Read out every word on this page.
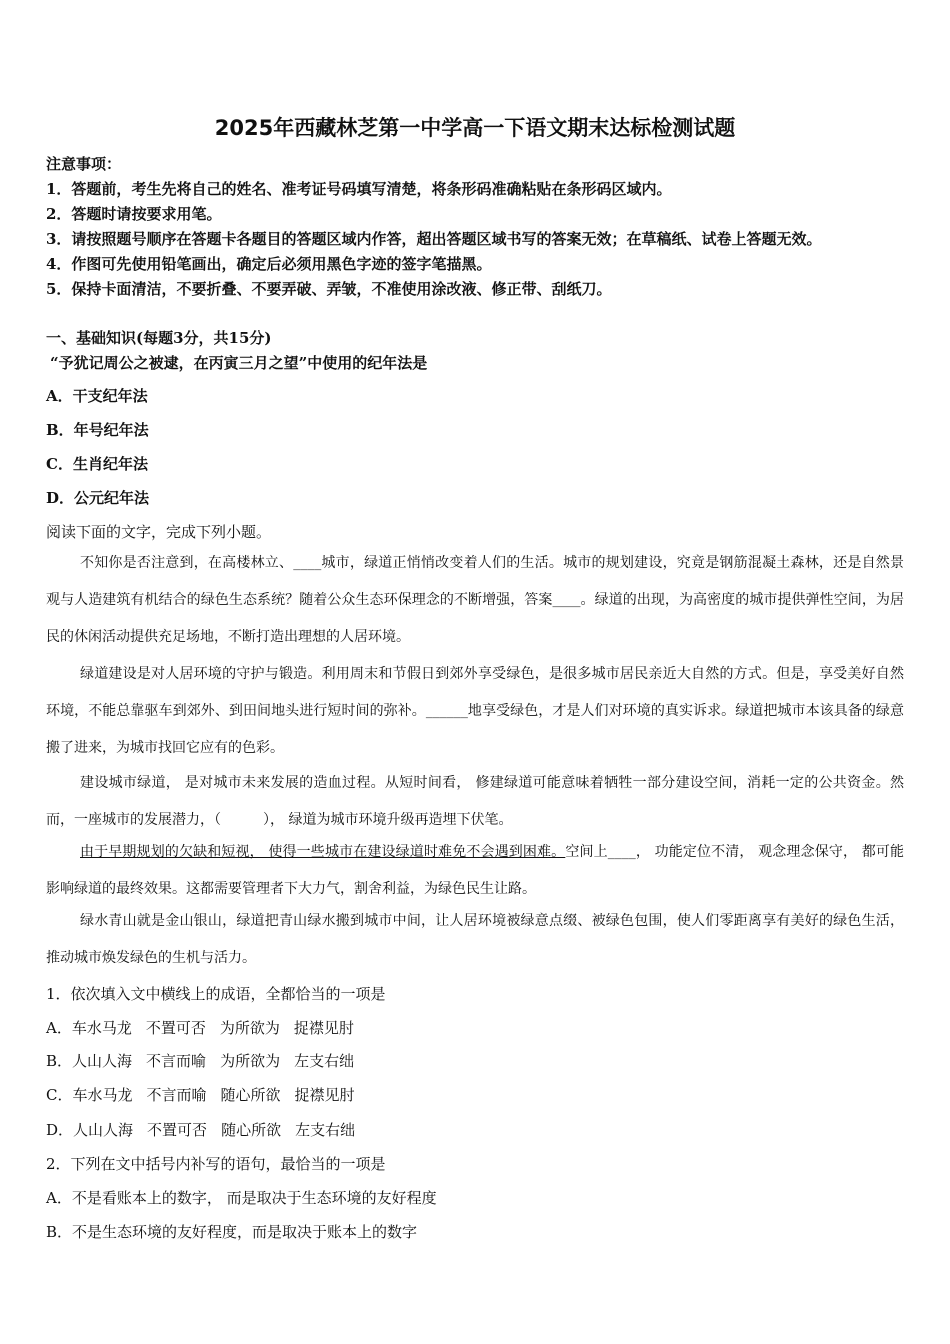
2025年西藏林芝第一中学高一下语文期末达标检测试题
注意事项：
1．答题前，考生先将自己的姓名、准考证号码填写清楚，将条形码准确粘贴在条形码区域内。
2．答题时请按要求用笔。
3．请按照题号顺序在答题卡各题目的答题区域内作答，超出答题区域书写的答案无效；在草稿纸、试卷上答题无效。
4．作图可先使用铅笔画出，确定后必须用黑色字迹的签字笔描黑。
5．保持卡面清洁，不要折叠、不要弄破、弄皱，不准使用涂改液、修正带、刮纸刀。
一、基础知识(每题3分，共15分)
“予犹记周公之被逮，在丙寅三月之望”中使用的纪年法是
A．干支纪年法
B．年号纪年法
C．生肖纪年法
D．公元纪年法
阅读下面的文字，完成下列小题。
不知你是否注意到，在高楼林立、____城市，绿道正悄悄改变着人们的生活。城市的规划建设，究竟是钢筋混凝土森林，还是自然景观与人造建筑有机结合的绿色生态系统？随着公众生态环保理念的不断增强，答案____。绿道的出现，为高密度的城市提供弹性空间，为居民的休闲活动提供充足场地，不断打造出理想的人居环境。
绿道建设是对人居环境的守护与锻造。利用周末和节假日到郊外享受绿色，是很多城市居民亲近大自然的方式。但是，享受美好自然环境，不能总靠驱车到郊外、到田间地头进行短时间的弥补。______地享受绿色，才是人们对环境的真实诉求。绿道把城市本该具备的绿意搬了进来，为城市找回它应有的色彩。
建设城市绿道， 是对城市未来发展的造血过程。从短时间看， 修建绿道可能意味着牺牲一部分建设空间，消耗一定的公共资金。然而，一座城市的发展潜力，（　　　）， 绿道为城市环境升级再造埋下伏笔。
由于早期规划的欠缺和短视， 使得一些城市在建设绿道时难免不会遇到困难。空间上____， 功能定位不清， 观念理念保守， 都可能影响绿道的最终效果。这都需要管理者下大力气，割舍利益，为绿色民生让路。
绿水青山就是金山银山，绿道把青山绿水搬到城市中间，让人居环境被绿意点缀、被绿色包围，使人们零距离享有美好的绿色生活，推动城市焕发绿色的生机与活力。
1．依次填入文中横线上的成语，全都恰当的一项是
A．车水马龙 不置可否 为所欲为 捉襟见肘
B．人山人海 不言而喻 为所欲为 左支右绌
C．车水马龙 不言而喻 随心所欲 捉襟见肘
D．人山人海 不置可否 随心所欲 左支右绌
2．下列在文中括号内补写的语句，最恰当的一项是
A．不是看账本上的数字， 而是取决于生态环境的友好程度
B．不是生态环境的友好程度，而是取决于账本上的数字
